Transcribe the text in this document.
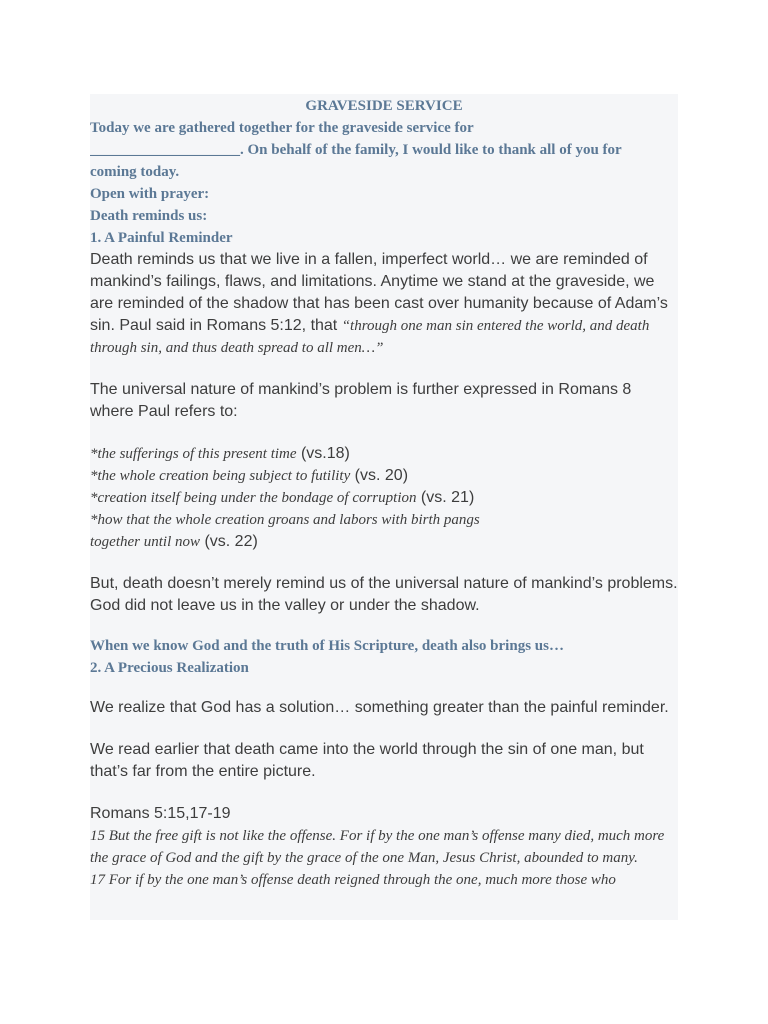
GRAVESIDE SERVICE
Today we are gathered together for the graveside service for
____________________. On behalf of the family, I would like to thank all of you for
coming today.
Open with prayer:
Death reminds us:
1. A Painful Reminder

Death reminds us that we live in a fallen, imperfect world… we are reminded of mankind’s failings, flaws, and limitations. Anytime we stand at the graveside, we are reminded of the shadow that has been cast over humanity because of Adam’s sin. Paul said in Romans 5:12, that “through one man sin entered the world, and death through sin, and thus death spread to all men…”

The universal nature of mankind’s problem is further expressed in Romans 8 where Paul refers to:

*the sufferings of this present time (vs.18)
*the whole creation being subject to futility (vs. 20)
*creation itself being under the bondage of corruption (vs. 21)
*how that the whole creation groans and labors with birth pangs
together until now (vs. 22)

But, death doesn’t merely remind us of the universal nature of mankind’s problems. God did not leave us in the valley or under the shadow.

When we know God and the truth of His Scripture, death also brings us…
2. A Precious Realization

We realize that God has a solution… something greater than the painful reminder.

We read earlier that death came into the world through the sin of one man, but that’s far from the entire picture.

Romans 5:15,17-19

15 But the free gift is not like the offense. For if by the one man’s offense many died, much more the grace of God and the gift by the grace of the one Man, Jesus Christ, abounded to many.

17 For if by the one man’s offense death reigned through the one, much more those who
